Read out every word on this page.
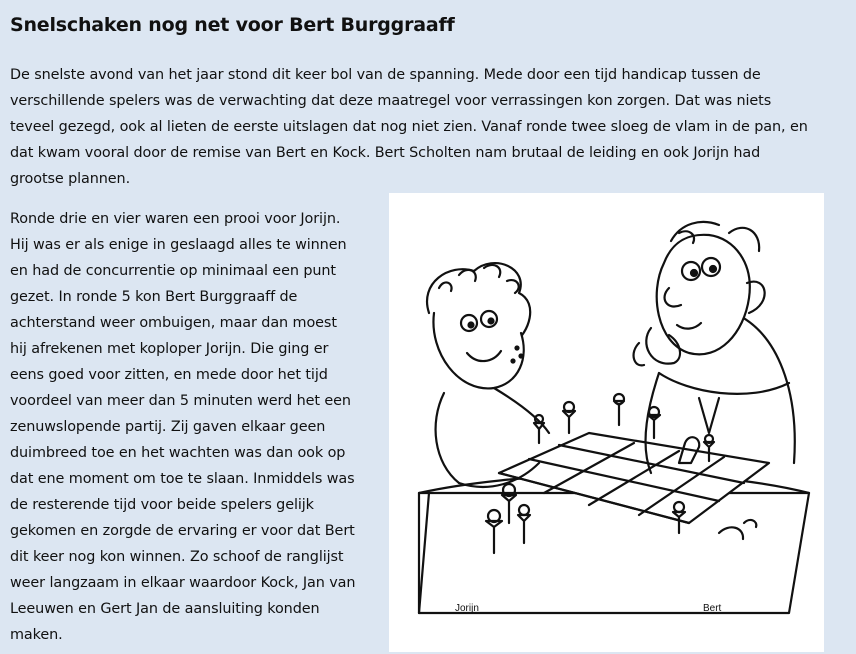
Snelschaken nog net voor Bert Burggraaff
De snelste avond van het jaar stond dit keer bol van de spanning. Mede door een tijd handicap tussen de
verschillende spelers was de verwachting dat deze maatregel voor verrassingen kon zorgen. Dat was niets
teveel gezegd, ook al lieten de eerste uitslagen dat nog niet zien. Vanaf ronde twee sloeg de vlam in de pan, en
dat kwam vooral door de remise van Bert en Kock. Bert Scholten nam brutaal de leiding en ook Jorijn had
grootse plannen.
Ronde drie en vier waren een prooi voor Jorijn.
Hij was er als enige in geslaagd alles te winnen
en had de concurrentie op minimaal een punt
gezet. In ronde 5 kon Bert Burggraaff de
achterstand weer ombuigen, maar dan moest
hij afrekenen met koploper Jorijn. Die ging er
eens goed voor zitten, en mede door het tijd
voordeel van meer dan 5 minuten werd het een
zenuwslopende partij. Zij gaven elkaar geen
duimbreed toe en het wachten was dan ook op
dat ene moment om toe te slaan. Inmiddels was
de resterende tijd voor beide spelers gelijk
gekomen en zorgde de ervaring er voor dat Bert
dit keer nog kon winnen. Zo schoof de ranglijst
weer langzaam in elkaar waardoor Kock, Jan van
Leeuwen en Gert Jan de aansluiting konden
maken.
Jorijn	Bert
